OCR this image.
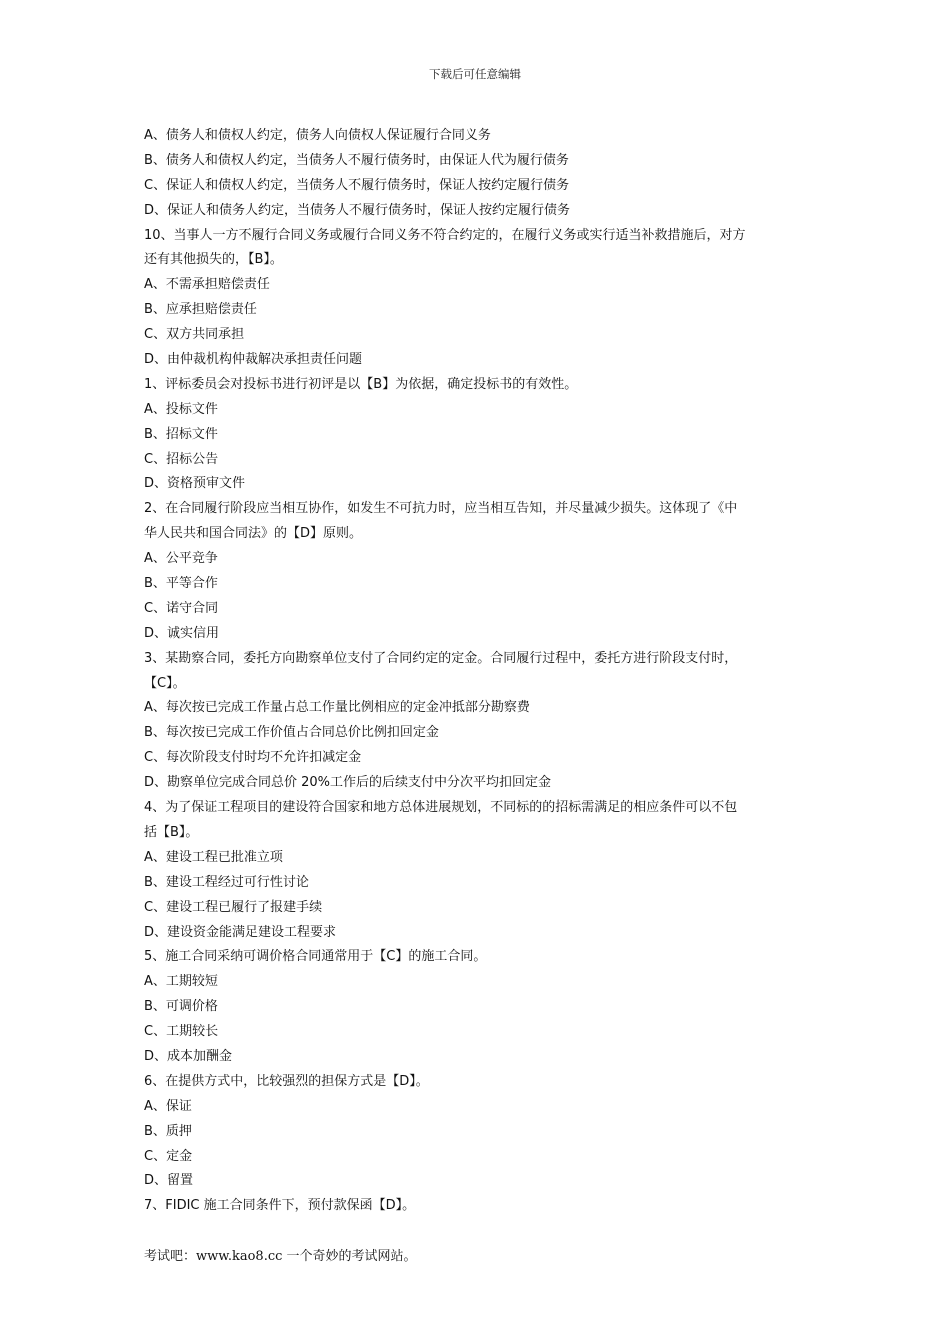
下载后可任意编辑
A、债务人和债权人约定，债务人向债权人保证履行合同义务
B、债务人和债权人约定，当债务人不履行债务时，由保证人代为履行债务
C、保证人和债权人约定，当债务人不履行债务时，保证人按约定履行债务
D、保证人和债务人约定，当债务人不履行债务时，保证人按约定履行债务
10、当事人一方不履行合同义务或履行合同义务不符合约定的，在履行义务或实行适当补救措施后，对方
还有其他损失的，【B】。
A、不需承担赔偿责任
B、应承担赔偿责任
C、双方共同承担
D、由仲裁机构仲裁解决承担责任问题
1、评标委员会对投标书进行初评是以【B】为依据，确定投标书的有效性。
A、投标文件
B、招标文件
C、招标公告
D、资格预审文件
2、在合同履行阶段应当相互协作，如发生不可抗力时，应当相互告知，并尽量减少损失。这体现了《中
华人民共和国合同法》的【D】原则。
A、公平竞争
B、平等合作
C、诺守合同
D、诚实信用
3、某勘察合同，委托方向勘察单位支付了合同约定的定金。合同履行过程中，委托方进行阶段支付时，
【C】。
A、每次按已完成工作量占总工作量比例相应的定金冲抵部分勘察费
B、每次按已完成工作价值占合同总价比例扣回定金
C、每次阶段支付时均不允许扣减定金
D、勘察单位完成合同总价 20%工作后的后续支付中分次平均扣回定金
4、为了保证工程项目的建设符合国家和地方总体进展规划，不同标的的招标需满足的相应条件可以不包
括【B】。
A、建设工程已批准立项
B、建设工程经过可行性讨论
C、建设工程已履行了报建手续
D、建设资金能满足建设工程要求
5、施工合同采纳可调价格合同通常用于【C】的施工合同。
A、工期较短
B、可调价格
C、工期较长
D、成本加酬金
6、在提供方式中，比较强烈的担保方式是【D】。
A、保证
B、质押
C、定金
D、留置
7、FIDIC 施工合同条件下，预付款保函【D】。
考试吧：www.kao8.cc 一个奇妙的考试网站。
